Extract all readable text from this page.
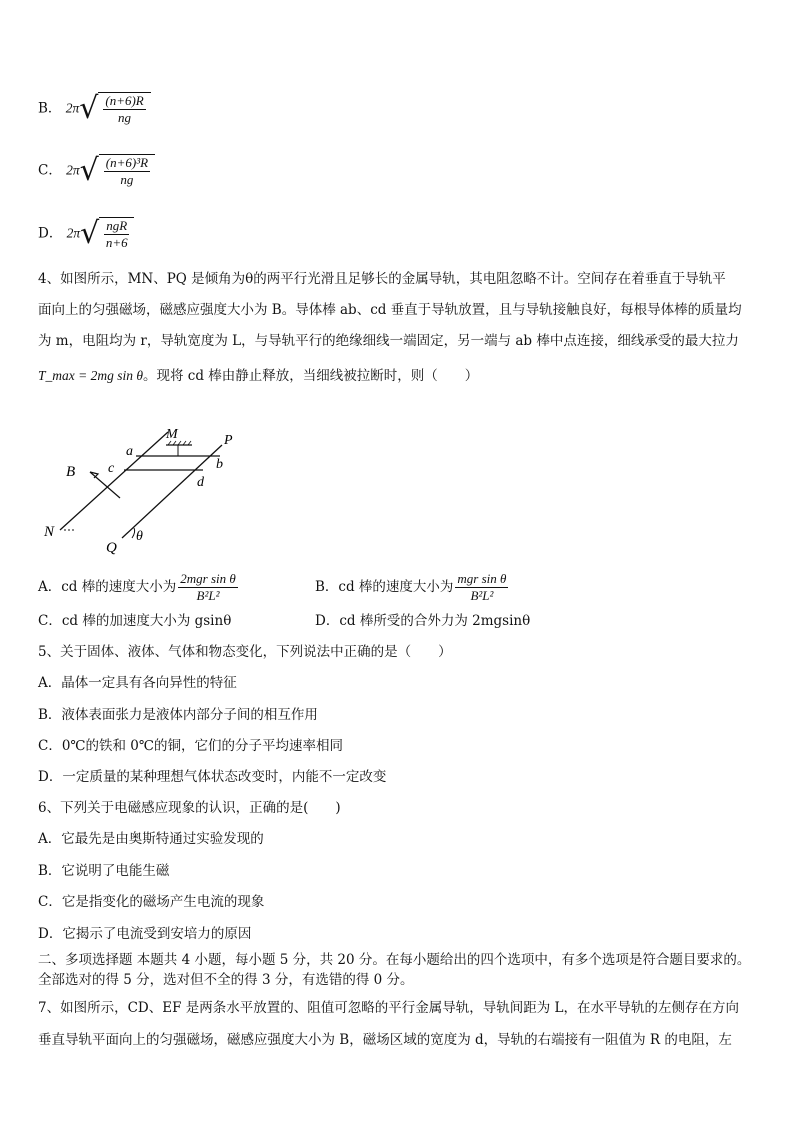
B． $2\pi√ \frac{(n+6)R}{ng}$
C． $2\pi√ \frac{\text{(n+6)³R}}{ng}$
D． $2\pi√ \frac{\text{ngR}}{n+6}$
4、如图所示，MN、PQ 是倾角为θ的两平行光滑且足够长的金属导轨，其电阻忽略不计。空间存在着垂直于导轨平
面向上的匀强磁场，磁感应强度大小为 B。导体棒 ab、cd 垂直于导轨放置，且与导轨接触良好，每根导体棒的质量均
为 m，电阻均为 r，导轨宽度为 L，与导轨平行的绝缘细线一端固定，另一端与 ab 棒中点连接，细线承受的最大拉力
T_max = 2mg sin θ。现将 cd 棒由静止释放，当细线被拉断时，则（　　）
M	P
a
b
c
d
B
N
Q
θ
A．cd 棒的速度大小为 $\frac{\text{2mgr sin θ}}{\text{B²L²}}$	B．cd 棒的速度大小为 $\frac{\text{mgr sin θ}}{\text{B²L²}}$
C．cd 棒的加速度大小为 gsinθ	D．cd 棒所受的合外力为 2mgsinθ
5、关于固体、液体、气体和物态变化，下列说法中正确的是（　　）
A．晶体一定具有各向异性的特征
B．液体表面张力是液体内部分子间的相互作用
C．0℃的铁和 0℃的铜，它们的分子平均速率相同
D．一定质量的某种理想气体状态改变时，内能不一定改变
6、下列关于电磁感应现象的认识，正确的是(　　)
A．它最先是由奥斯特通过实验发现的
B．它说明了电能生磁
C．它是指变化的磁场产生电流的现象
D．它揭示了电流受到安培力的原因
二、多项选择题 本题共 4 小题，每小题 5 分，共 20 分。在每小题给出的四个选项中，有多个选项是符合题目要求的。
全部选对的得 5 分，选对但不全的得 3 分，有选错的得 0 分。
7、如图所示，CD、EF 是两条水平放置的、阻值可忽略的平行金属导轨，导轨间距为 L，在水平导轨的左侧存在方向
垂直导轨平面向上的匀强磁场，磁感应强度大小为 B，磁场区域的宽度为 d，导轨的右端接有一阻值为 R 的电阻，左
